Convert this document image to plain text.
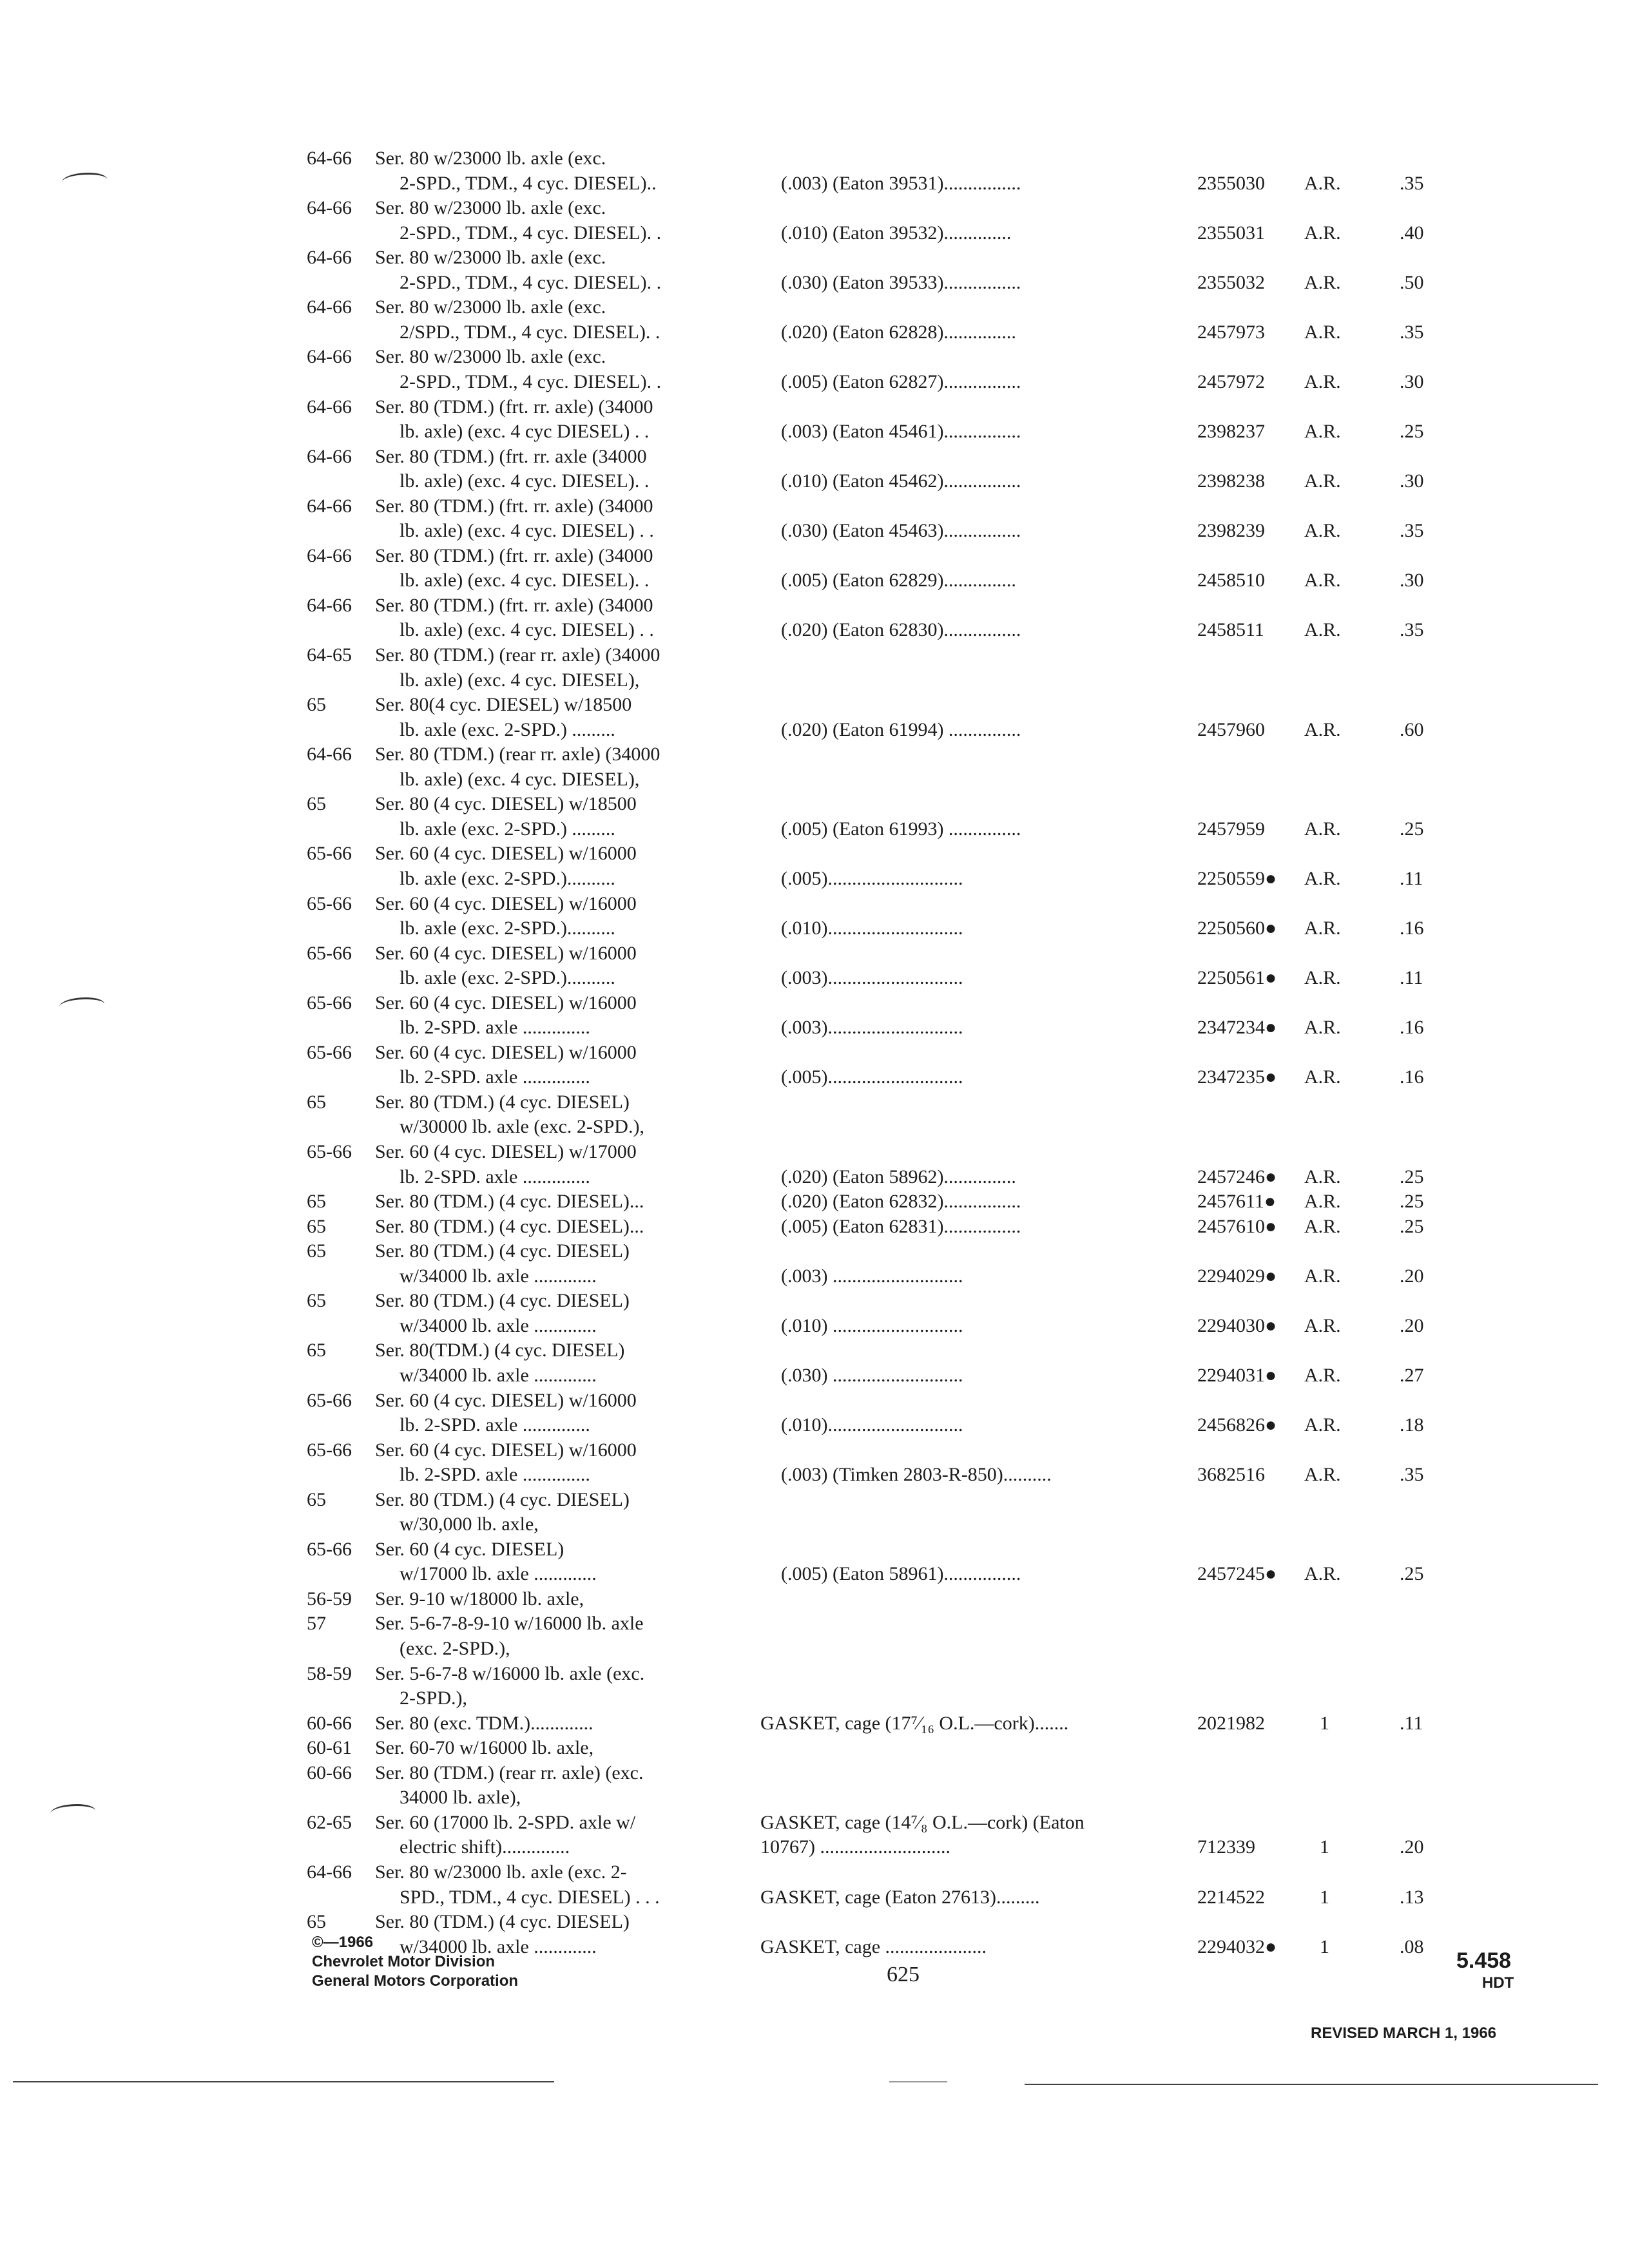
64-66 Ser. 80 w/23000 lb. axle (exc.
2-SPD., TDM., 4 cyc. DIESEL)..	(.003) (Eaton 39531)................	2355030 A.R.	.35
64-66 Ser. 80 w/23000 lb. axle (exc.
2-SPD., TDM., 4 cyc. DIESEL). .	(.010) (Eaton 39532)..............	2355031 A.R.	.40
64-66 Ser. 80 w/23000 lb. axle (exc.
2-SPD., TDM., 4 cyc. DIESEL). .	(.030) (Eaton 39533)................	2355032 A.R.	.50
64-66 Ser. 80 w/23000 lb. axle (exc.
2/SPD., TDM., 4 cyc. DIESEL). .	(.020) (Eaton 62828)...............	2457973 A.R.	.35
64-66 Ser. 80 w/23000 lb. axle (exc.
2-SPD., TDM., 4 cyc. DIESEL). .	(.005) (Eaton 62827)................	2457972 A.R.	.30
64-66 Ser. 80 (TDM.) (frt. rr. axle) (34000
lb. axle) (exc. 4 cyc DIESEL) . .	(.003) (Eaton 45461)................	2398237 A.R.	.25
64-66 Ser. 80 (TDM.) (frt. rr. axle (34000
lb. axle) (exc. 4 cyc. DIESEL). .	(.010) (Eaton 45462)................	2398238 A.R.	.30
64-66 Ser. 80 (TDM.) (frt. rr. axle) (34000
lb. axle) (exc. 4 cyc. DIESEL) . .	(.030) (Eaton 45463)................	2398239 A.R.	.35
64-66 Ser. 80 (TDM.) (frt. rr. axle) (34000
lb. axle) (exc. 4 cyc. DIESEL). .	(.005) (Eaton 62829)...............	2458510 A.R.	.30
64-66 Ser. 80 (TDM.) (frt. rr. axle) (34000
lb. axle) (exc. 4 cyc. DIESEL) . .	(.020) (Eaton 62830)................	2458511 A.R.	.35
64-65 Ser. 80 (TDM.) (rear rr. axle) (34000
lb. axle) (exc. 4 cyc. DIESEL),
65	Ser. 80(4 cyc. DIESEL) w/18500
lb. axle (exc. 2-SPD.) .........	(.020) (Eaton 61994) ...............	2457960 A.R.	.60
64-66 Ser. 80 (TDM.) (rear rr. axle) (34000
lb. axle) (exc. 4 cyc. DIESEL),
65	Ser. 80 (4 cyc. DIESEL) w/18500
lb. axle (exc. 2-SPD.) .........	(.005) (Eaton 61993) ...............	2457959 A.R.	.25
65-66 Ser. 60 (4 cyc. DIESEL) w/16000
lb. axle (exc. 2-SPD.)..........	(.005)............................	2250559● A.R.	.11
65-66 Ser. 60 (4 cyc. DIESEL) w/16000
lb. axle (exc. 2-SPD.)..........	(.010)............................	2250560● A.R.	.16
65-66 Ser. 60 (4 cyc. DIESEL) w/16000
lb. axle (exc. 2-SPD.)..........	(.003)............................	2250561● A.R.	.11
65-66 Ser. 60 (4 cyc. DIESEL) w/16000
lb. 2-SPD. axle ..............	(.003)............................	2347234● A.R.	.16
65-66 Ser. 60 (4 cyc. DIESEL) w/16000
lb. 2-SPD. axle ..............	(.005)............................	2347235● A.R.	.16
65	Ser. 80 (TDM.) (4 cyc. DIESEL)
w/30000 lb. axle (exc. 2-SPD.),
65-66 Ser. 60 (4 cyc. DIESEL) w/17000
lb. 2-SPD. axle ..............	(.020) (Eaton 58962)...............	2457246● A.R.	.25
65	Ser. 80 (TDM.) (4 cyc. DIESEL)...	(.020) (Eaton 62832)................	2457611● A.R.	.25
65	Ser. 80 (TDM.) (4 cyc. DIESEL)...	(.005) (Eaton 62831)................	2457610● A.R.	.25
65	Ser. 80 (TDM.) (4 cyc. DIESEL)
w/34000 lb. axle .............	(.003) ...........................	2294029● A.R.	.20
65	Ser. 80 (TDM.) (4 cyc. DIESEL)
w/34000 lb. axle .............	(.010) ...........................	2294030● A.R.	.20
65	Ser. 80(TDM.) (4 cyc. DIESEL)
w/34000 lb. axle .............	(.030) ...........................	2294031● A.R.	.27
65-66 Ser. 60 (4 cyc. DIESEL) w/16000
lb. 2-SPD. axle ..............	(.010)............................	2456826● A.R.	.18
65-66 Ser. 60 (4 cyc. DIESEL) w/16000
lb. 2-SPD. axle ..............	(.003) (Timken 2803-R-850)..........	3682516 A.R.	.35
65	Ser. 80 (TDM.) (4 cyc. DIESEL)
w/30,000 lb. axle,
65-66 Ser. 60 (4 cyc. DIESEL)
w/17000 lb. axle .............	(.005) (Eaton 58961)................	2457245● A.R.	.25
56-59 Ser. 9-10 w/18000 lb. axle,
57	Ser. 5-6-7-8-9-10 w/16000 lb. axle
(exc. 2-SPD.),
58-59 Ser. 5-6-7-8 w/16000 lb. axle (exc.
2-SPD.),
60-66 Ser. 80 (exc. TDM.).............	GASKET, cage (17⁷⁄₁₆ O.L.—cork).......	2021982	1	.11
60-61 Ser. 60-70 w/16000 lb. axle,
60-66 Ser. 80 (TDM.) (rear rr. axle) (exc.
34000 lb. axle),
62-65 Ser. 60 (17000 lb. 2-SPD. axle w/	GASKET, cage (14⁷⁄₈ O.L.—cork) (Eaton
electric shift)..............	10767) ...........................	712339	1	.20
64-66 Ser. 80 w/23000 lb. axle (exc. 2-
SPD., TDM., 4 cyc. DIESEL) . . .	GASKET, cage (Eaton 27613).........	2214522	1	.13
65	Ser. 80 (TDM.) (4 cyc. DIESEL)
w/34000 lb. axle .............	GASKET, cage .....................	2294032● 1	.08
©—1966
Chevrolet Motor Division
General Motors Corporation	625
5.458
HDT
REVISED MARCH 1, 1966
